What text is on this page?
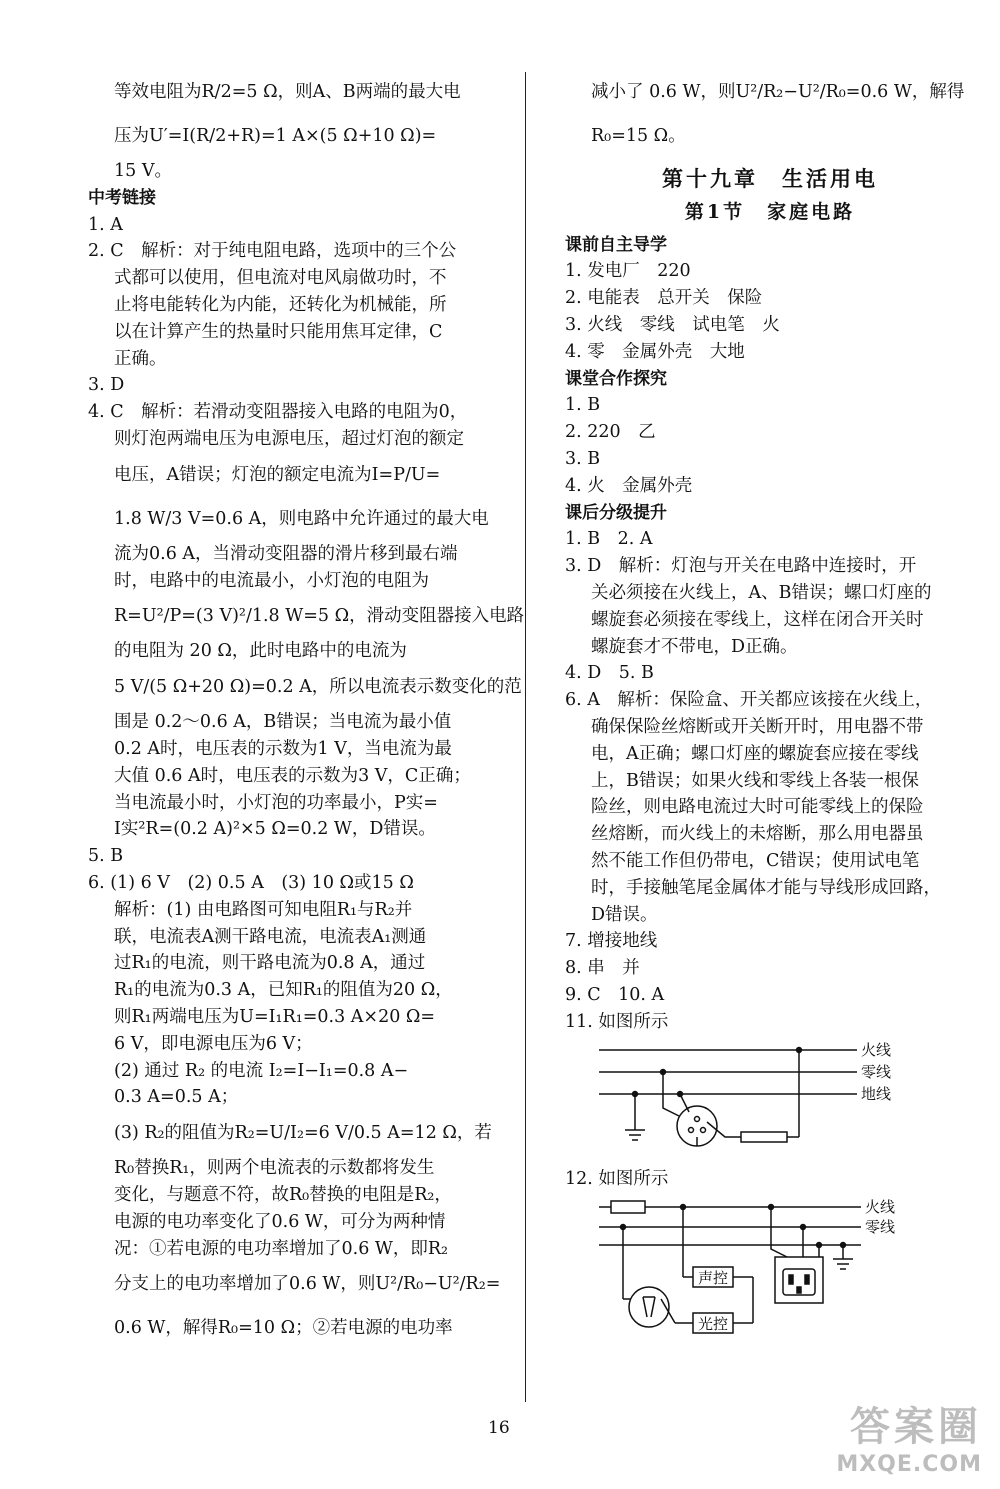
等效电阻为R/2=5 Ω，则A、B两端的最大电
压为U′=I(R/2+R)=1 A×(5 Ω+10 Ω)=
15 V。
中考链接
1. A
2. C　解析：对于纯电阻电路，选项中的三个公
式都可以使用，但电流对电风扇做功时，不
止将电能转化为内能，还转化为机械能，所
以在计算产生的热量时只能用焦耳定律，C
正确。
3. D
4. C　解析：若滑动变阻器接入电路的电阻为0，
则灯泡两端电压为电源电压，超过灯泡的额定
电压，A错误；灯泡的额定电流为I=P/U=
1.8 W/3 V=0.6 A，则电路中允许通过的最大电
流为0.6 A，当滑动变阻器的滑片移到最右端
时，电路中的电流最小，小灯泡的电阻为
R=U²/P=(3 V)²/1.8 W=5 Ω，滑动变阻器接入电路
的电阻为 20 Ω，此时电路中的电流为
5 V/(5 Ω+20 Ω)=0.2 A，所以电流表示数变化的范
围是 0.2～0.6 A，B错误；当电流为最小值
0.2 A时，电压表的示数为1 V，当电流为最
大值 0.6 A时，电压表的示数为3 V，C正确；
当电流最小时，小灯泡的功率最小，P实=
I实²R=(0.2 A)²×5 Ω=0.2 W，D错误。
5. B
6. (1) 6 V　(2) 0.5 A　(3) 10 Ω或15 Ω
解析：(1) 由电路图可知电阻R₁与R₂并
联，电流表A测干路电流，电流表A₁测通
过R₁的电流，则干路电流为0.8 A，通过
R₁的电流为0.3 A，已知R₁的阻值为20 Ω，
则R₁两端电压为U=I₁R₁=0.3 A×20 Ω=
6 V，即电源电压为6 V；
(2) 通过 R₂ 的电流 I₂=I−I₁=0.8 A−
0.3 A=0.5 A；
(3) R₂的阻值为R₂=U/I₂=6 V/0.5 A=12 Ω，若
R₀替换R₁，则两个电流表的示数都将发生
变化，与题意不符，故R₀替换的电阻是R₂，
电源的电功率变化了0.6 W，可分为两种情
况：①若电源的电功率增加了0.6 W，即R₂
分支上的电功率增加了0.6 W，则U²/R₀−U²/R₂=
0.6 W，解得R₀=10 Ω；②若电源的电功率
减小了 0.6 W，则U²/R₂−U²/R₀=0.6 W，解得
R₀=15 Ω。
第十九章　生活用电
第1节　家庭电路
课前自主导学
1. 发电厂　220
2. 电能表　总开关　保险
3. 火线　零线　试电笔　火
4. 零　金属外壳　大地
课堂合作探究
1. B
2. 220　乙
3. B
4. 火　金属外壳
课后分级提升
1. B　2. A
3. D　解析：灯泡与开关在电路中连接时，开
关必须接在火线上，A、B错误；螺口灯座的
螺旋套必须接在零线上，这样在闭合开关时
螺旋套才不带电，D正确。
4. D　5. B
6. A　解析：保险盒、开关都应该接在火线上，
确保保险丝熔断或开关断开时，用电器不带
电，A正确；螺口灯座的螺旋套应接在零线
上，B错误；如果火线和零线上各装一根保
险丝，则电路电流过大时可能零线上的保险
丝熔断，而火线上的未熔断，那么用电器虽
然不能工作但仍带电，C错误；使用试电笔
时，手接触笔尾金属体才能与导线形成回路，
D错误。
7. 增接地线
8. 串　并
9. C　10. A
11. 如图所示
火线
零线
地线
12. 如图所示
火线
零线
声控
光控
16	答案圈
MXQE.COM
